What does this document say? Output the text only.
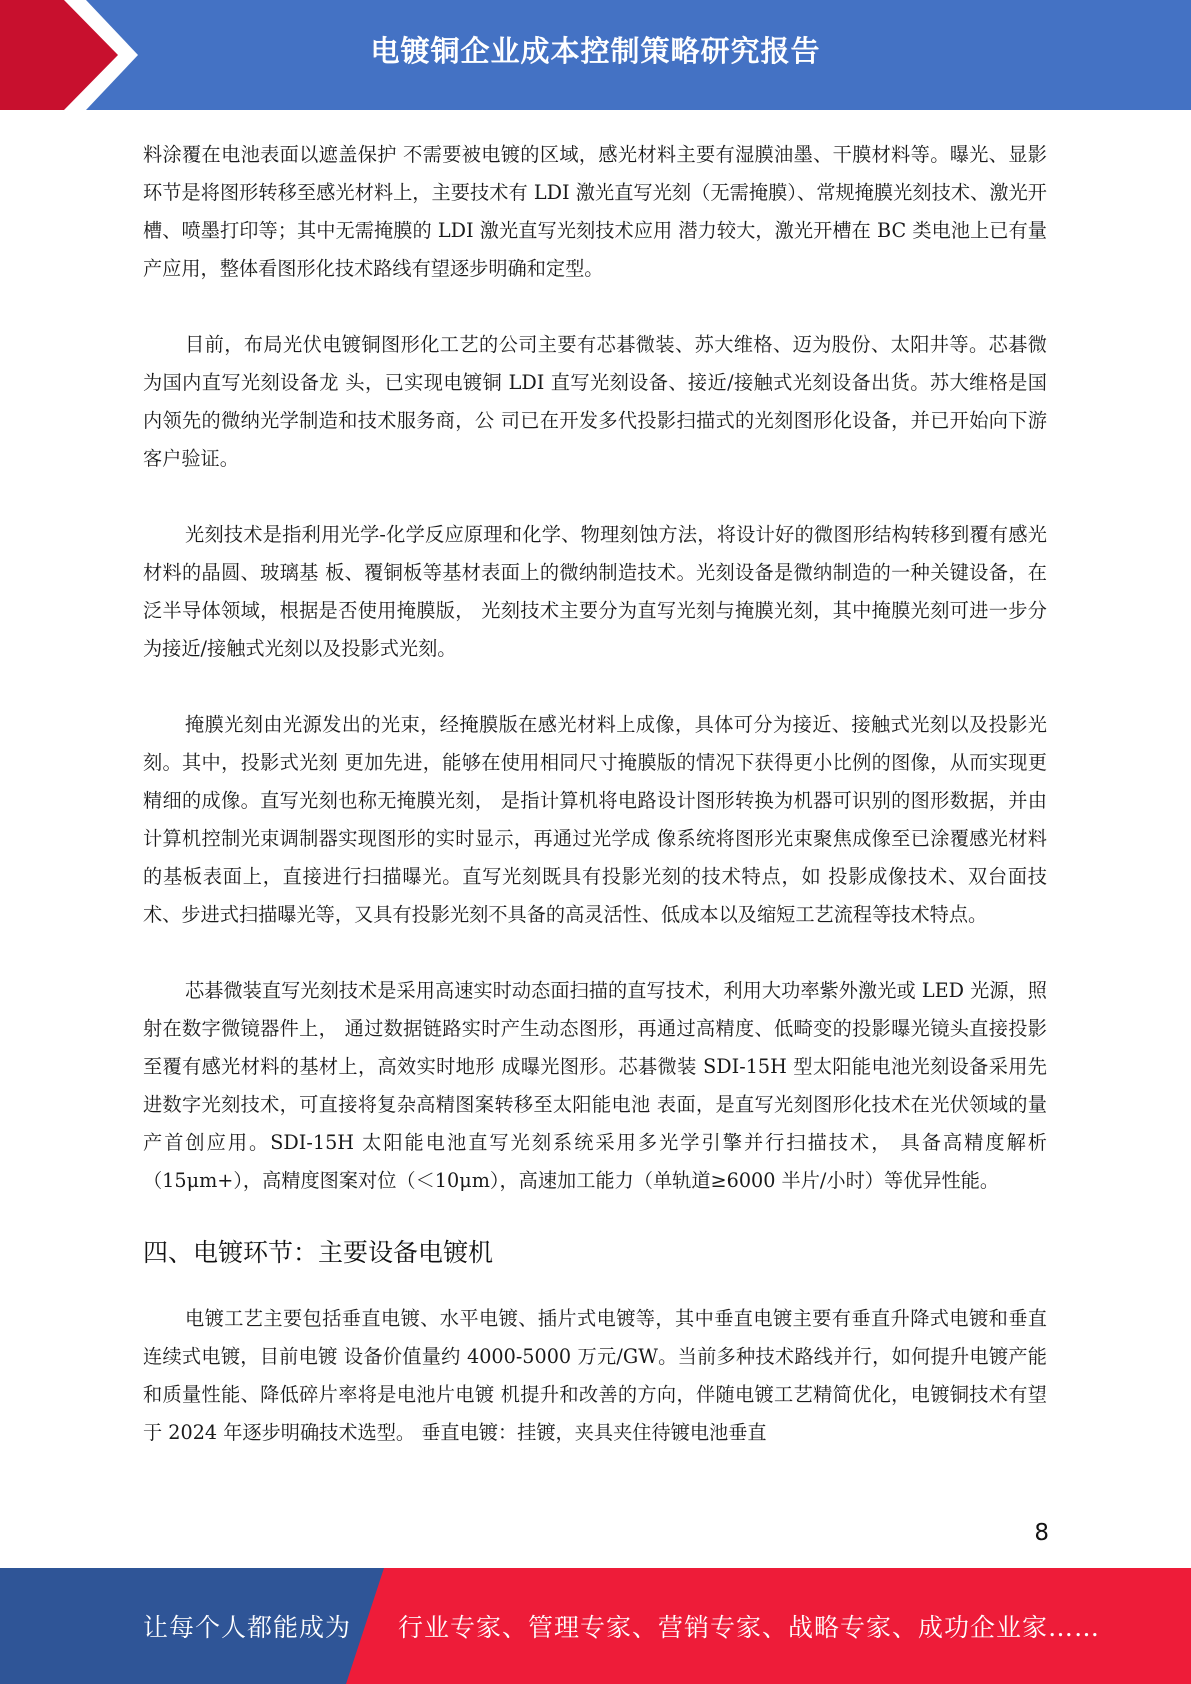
电镀铜企业成本控制策略研究报告

料涂覆在电池表面以遮盖保护 不需要被电镀的区域，感光材料主要有湿膜油墨、干膜材料等。曝光、显影环节是将图形转移至感光材料上，主要技术有 LDI 激光直写光刻（无需掩膜）、常规掩膜光刻技术、激光开槽、喷墨打印等；其中无需掩膜的 LDI 激光直写光刻技术应用 潜力较大，激光开槽在 BC 类电池上已有量产应用，整体看图形化技术路线有望逐步明确和定型。

目前，布局光伏电镀铜图形化工艺的公司主要有芯碁微装、苏大维格、迈为股份、太阳井等。芯碁微为国内直写光刻设备龙 头，已实现电镀铜 LDI 直写光刻设备、接近/接触式光刻设备出货。苏大维格是国内领先的微纳光学制造和技术服务商，公 司已在开发多代投影扫描式的光刻图形化设备，并已开始向下游客户验证。

光刻技术是指利用光学-化学反应原理和化学、物理刻蚀方法，将设计好的微图形结构转移到覆有感光材料的晶圆、玻璃基 板、覆铜板等基材表面上的微纳制造技术。光刻设备是微纳制造的一种关键设备，在泛半导体领域，根据是否使用掩膜版， 光刻技术主要分为直写光刻与掩膜光刻，其中掩膜光刻可进一步分为接近/接触式光刻以及投影式光刻。

掩膜光刻由光源发出的光束，经掩膜版在感光材料上成像，具体可分为接近、接触式光刻以及投影光刻。其中，投影式光刻 更加先进，能够在使用相同尺寸掩膜版的情况下获得更小比例的图像，从而实现更精细的成像。直写光刻也称无掩膜光刻， 是指计算机将电路设计图形转换为机器可识别的图形数据，并由计算机控制光束调制器实现图形的实时显示，再通过光学成 像系统将图形光束聚焦成像至已涂覆感光材料的基板表面上，直接进行扫描曝光。直写光刻既具有投影光刻的技术特点，如 投影成像技术、双台面技术、步进式扫描曝光等，又具有投影光刻不具备的高灵活性、低成本以及缩短工艺流程等技术特点。

芯碁微装直写光刻技术是采用高速实时动态面扫描的直写技术，利用大功率紫外激光或 LED 光源，照射在数字微镜器件上， 通过数据链路实时产生动态图形，再通过高精度、低畸变的投影曝光镜头直接投影至覆有感光材料的基材上，高效实时地形 成曝光图形。芯碁微装 SDI-15H 型太阳能电池光刻设备采用先进数字光刻技术，可直接将复杂高精图案转移至太阳能电池 表面，是直写光刻图形化技术在光伏领域的量产首创应用。SDI-15H 太阳能电池直写光刻系统采用多光学引擎并行扫描技术， 具备高精度解析（15μm+），高精度图案对位（＜10μm），高速加工能力（单轨道≥6000 半片/小时）等优异性能。

四、电镀环节：主要设备电镀机

电镀工艺主要包括垂直电镀、水平电镀、插片式电镀等，其中垂直电镀主要有垂直升降式电镀和垂直连续式电镀，目前电镀 设备价值量约 4000-5000 万元/GW。当前多种技术路线并行，如何提升电镀产能和质量性能、降低碎片率将是电池片电镀 机提升和改善的方向，伴随电镀工艺精简优化，电镀铜技术有望于 2024 年逐步明确技术选型。 垂直电镀：挂镀，夹具夹住待镀电池垂直

8
让每个人都能成为 行业专家、管理专家、营销专家、战略专家、成功企业家……
